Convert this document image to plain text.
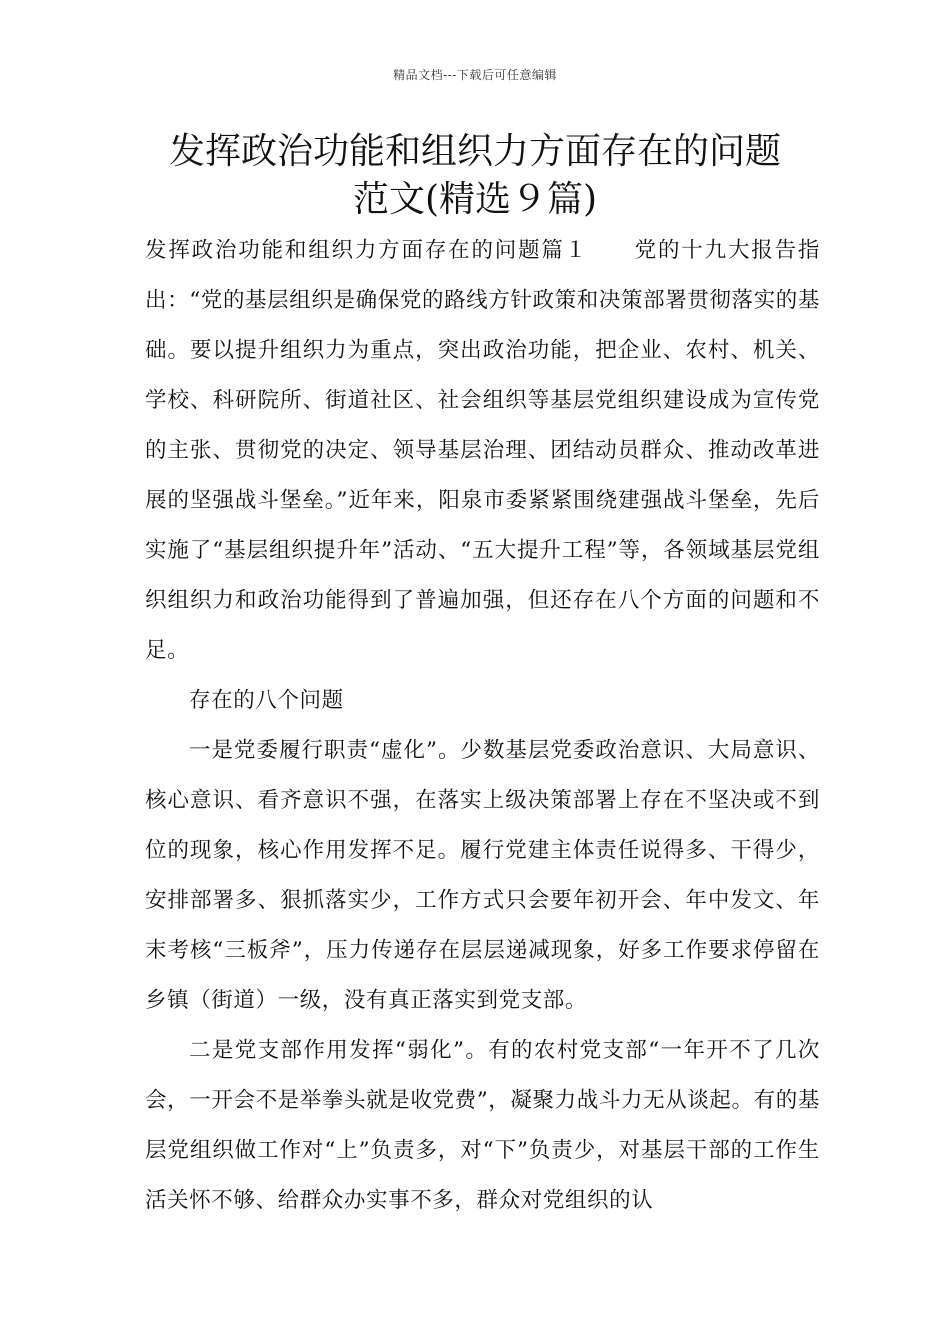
精品文档---下载后可任意编辑
发挥政治功能和组织力方面存在的问题
范文(精选９篇)

发挥政治功能和组织力方面存在的问题篇１　　党的十九大报告指出：“党的基层组织是确保党的路线方针政策和决策部署贯彻落实的基础。要以提升组织力为重点，突出政治功能，把企业、农村、机关、学校、科研院所、街道社区、社会组织等基层党组织建设成为宣传党的主张、贯彻党的决定、领导基层治理、团结动员群众、推动改革进展的坚强战斗堡垒。”近年来，阳泉市委紧紧围绕建强战斗堡垒，先后实施了“基层组织提升年”活动、“五大提升工程”等，各领域基层党组织组织力和政治功能得到了普遍加强，但还存在八个方面的问题和不足。

存在的八个问题

一是党委履行职责“虚化”。少数基层党委政治意识、大局意识、核心意识、看齐意识不强，在落实上级决策部署上存在不坚决或不到位的现象，核心作用发挥不足。履行党建主体责任说得多、干得少，安排部署多、狠抓落实少，工作方式只会要年初开会、年中发文、年末考核“三板斧”，压力传递存在层层递减现象，好多工作要求停留在乡镇（街道）一级，没有真正落实到党支部。

二是党支部作用发挥“弱化”。有的农村党支部“一年开不了几次会，一开会不是举拳头就是收党费”，凝聚力战斗力无从谈起。有的基层党组织做工作对“上”负责多，对“下”负责少，对基层干部的工作生活关怀不够、给群众办实事不多，群众对党组织的认
